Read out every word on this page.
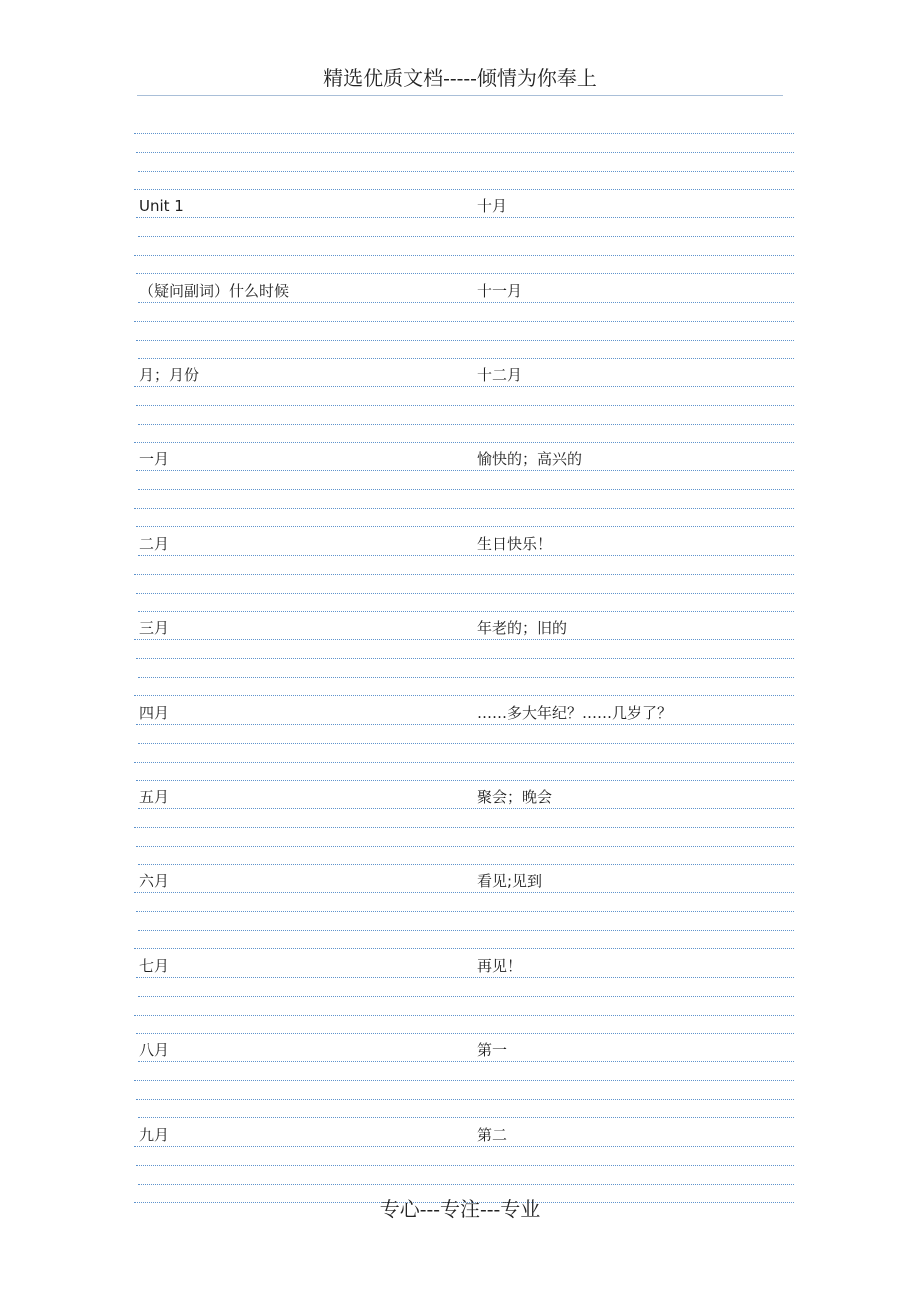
精选优质文档-----倾情为你奉上
Unit 1	十月
（疑问副词）什么时候	十一月
月；月份	十二月
一月	愉快的；高兴的
二月	生日快乐！
三月	年老的；旧的
四月	……多大年纪？……几岁了？
五月	聚会；晚会
六月	看见;见到
七月	再见！
八月	第一
九月	第二
专心---专注---专业
